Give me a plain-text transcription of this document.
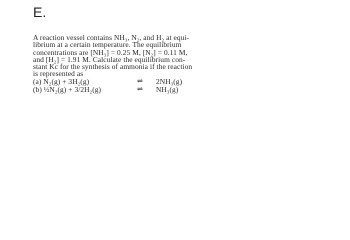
E.
A reaction vessel contains NH₃, N₂, and H₂ at equi-
librium at a certain temperature. The equilibrium
concentrations are [NH₃] = 0.25 M, [N₂] = 0.11 M,
and [H₂] = 1.91 M. Calculate the equilibrium con-
stant Kc for the synthesis of ammonia if the reaction
is represented as
(a) N₂(g) + 3H₂(g)	⇌ 2NH₃(g)
(b) ½N₂(g) + 3/2H₂(g)	⇌ NH₃(g)
